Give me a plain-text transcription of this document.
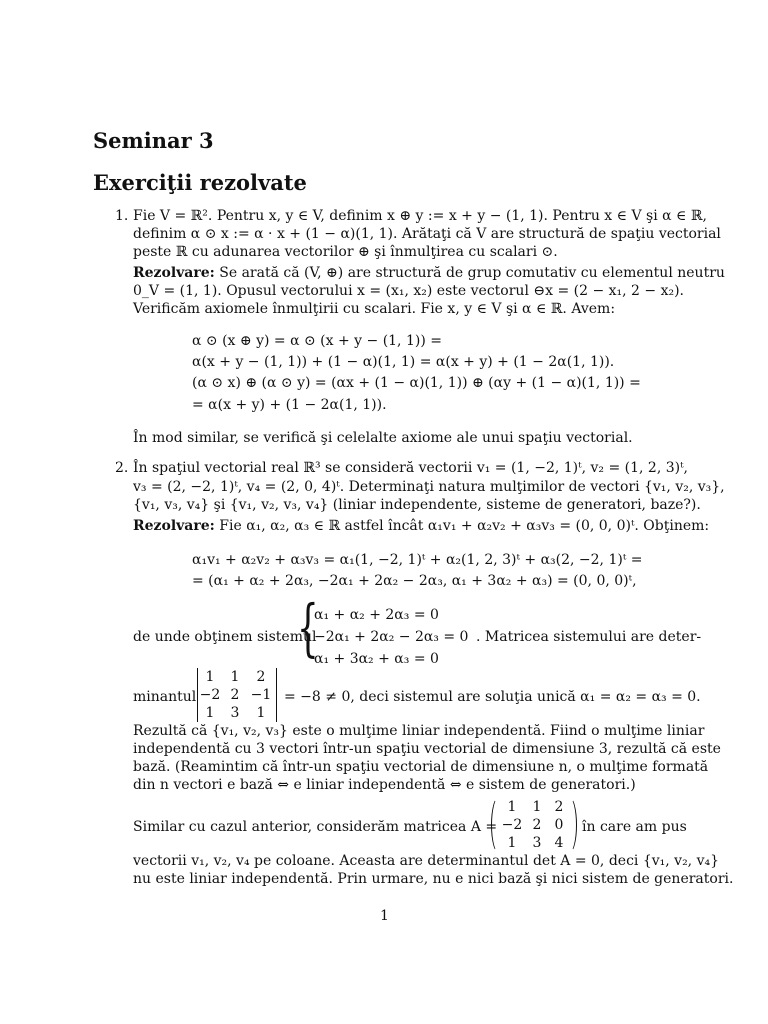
Seminar 3
Exerciţii rezolvate
1. Fie V = ℝ². Pentru x, y ∈ V, definim x ⊕ y := x + y − (1, 1). Pentru x ∈ V şi α ∈ ℝ,
definim α ⊙ x := α · x + (1 − α)(1, 1). Arătaţi că V are structură de spaţiu vectorial
peste ℝ cu adunarea vectorilor ⊕ şi înmulţirea cu scalari ⊙.
Rezolvare: Se arată că (V, ⊕) are structură de grup comutativ cu elementul neutru
0_V = (1, 1). Opusul vectorului x = (x₁, x₂) este vectorul ⊖x = (2 − x₁, 2 − x₂).
Verificăm axiomele înmulţirii cu scalari. Fie x, y ∈ V şi α ∈ ℝ. Avem:
α ⊙ (x ⊕ y) = α ⊙ (x + y − (1, 1)) =
α(x + y − (1, 1)) + (1 − α)(1, 1) = α(x + y) + (1 − 2α(1, 1)).
(α ⊙ x) ⊕ (α ⊙ y) = (αx + (1 − α)(1, 1)) ⊕ (αy + (1 − α)(1, 1)) =
= α(x + y) + (1 − 2α(1, 1)).
În mod similar, se verifică şi celelalte axiome ale unui spaţiu vectorial.
2. În spaţiul vectorial real ℝ³ se consideră vectorii v₁ = (1, −2, 1)ᵗ, v₂ = (1, 2, 3)ᵗ,
v₃ = (2, −2, 1)ᵗ, v₄ = (2, 0, 4)ᵗ. Determinaţi natura mulţimilor de vectori {v₁, v₂, v₃},
{v₁, v₃, v₄} şi {v₁, v₂, v₃, v₄} (liniar independente, sisteme de generatori, baze?).
Rezolvare: Fie α₁, α₂, α₃ ∈ ℝ astfel încât α₁v₁ + α₂v₂ + α₃v₃ = (0, 0, 0)ᵗ. Obţinem:
α₁v₁ + α₂v₂ + α₃v₃ = α₁(1, −2, 1)ᵗ + α₂(1, 2, 3)ᵗ + α₃(2, −2, 1)ᵗ =
= (α₁ + α₂ + 2α₃, −2α₁ + 2α₂ − 2α₃, α₁ + 3α₂ + α₃) = (0, 0, 0)ᵗ,
de unde obţinem sistemul
{
α₁ + α₂ + 2α₃ = 0
−2α₁ + 2α₂ − 2α₃ = 0
α₁ + 3α₂ + α₃ = 0
. Matricea sistemului are deter-
minantul
1	1	2
−2 2 −1
1	3	1
= −8 ≠ 0, deci sistemul are soluţia unică α₁ = α₂ = α₃ = 0.
Rezultă că {v₁, v₂, v₃} este o mulţime liniar independentă. Fiind o mulţime liniar
independentă cu 3 vectori într-un spaţiu vectorial de dimensiune 3, rezultă că este
bază. (Reamintim că într-un spaţiu vectorial de dimensiune n, o mulţime formată
din n vectori e bază ⇔ e liniar independentă ⇔ e sistem de generatori.)
Similar cu cazul anterior, considerăm matricea A =
1	1 2
−2 2 0
1	3 4
în care am pus
vectorii v₁, v₂, v₄ pe coloane. Aceasta are determinantul det A = 0, deci {v₁, v₂, v₄}
nu este liniar independentă. Prin urmare, nu e nici bază şi nici sistem de generatori.
1
